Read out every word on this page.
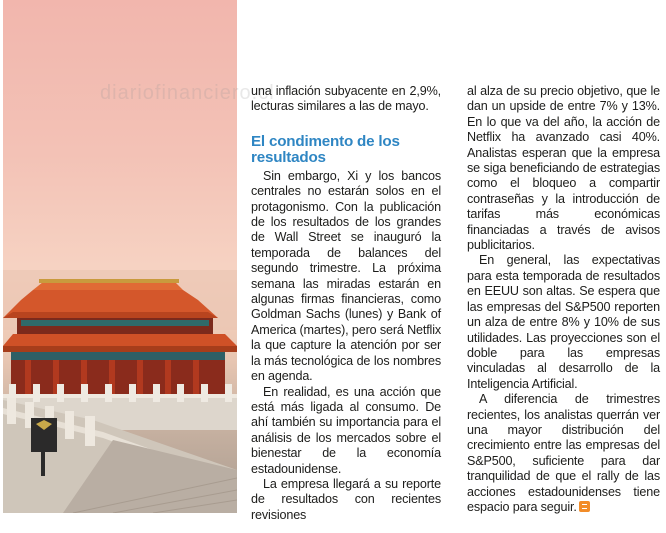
diariofinanciero.cl

una inflación subyacente en 2,9%, lecturas similares a las de mayo.

El condimento de los resultados

Sin embargo, Xi y los bancos centrales no estarán solos en el protagonismo. Con la publicación de los resultados de los grandes de Wall Street se inauguró la temporada de balances del segundo trimestre. La próxima semana las miradas estarán en algunas firmas financieras, como Goldman Sachs (lunes) y Bank of America (martes), pero será Netflix la que capture la atención por ser la más tecnológica de los nombres en agenda.

En realidad, es una acción que está más ligada al consumo. De ahí también su importancia para el análisis de los mercados sobre el bienestar de la economía estadounidense.

La empresa llegará a su reporte de resultados con recientes revisiones

al alza de su precio objetivo, que le dan un upside de entre 7% y 13%. En lo que va del año, la acción de Netflix ha avanzado casi 40%. Analistas esperan que la empresa se siga beneficiando de estrategias como el bloqueo a compartir contraseñas y la introducción de tarifas más económicas financiadas a través de avisos publicitarios.

En general, las expectativas para esta temporada de resultados en EEUU son altas. Se espera que las empresas del S&P500 reporten un alza de entre 8% y 10% de sus utilidades. Las proyecciones son el doble para las empresas vinculadas al desarrollo de la Inteligencia Artificial.

A diferencia de trimestres recientes, los analistas querrán ver una mayor distribución del crecimiento entre las empresas del S&P500, suficiente para dar tranquilidad de que el rally de las acciones estadounidenses tiene espacio para seguir.
